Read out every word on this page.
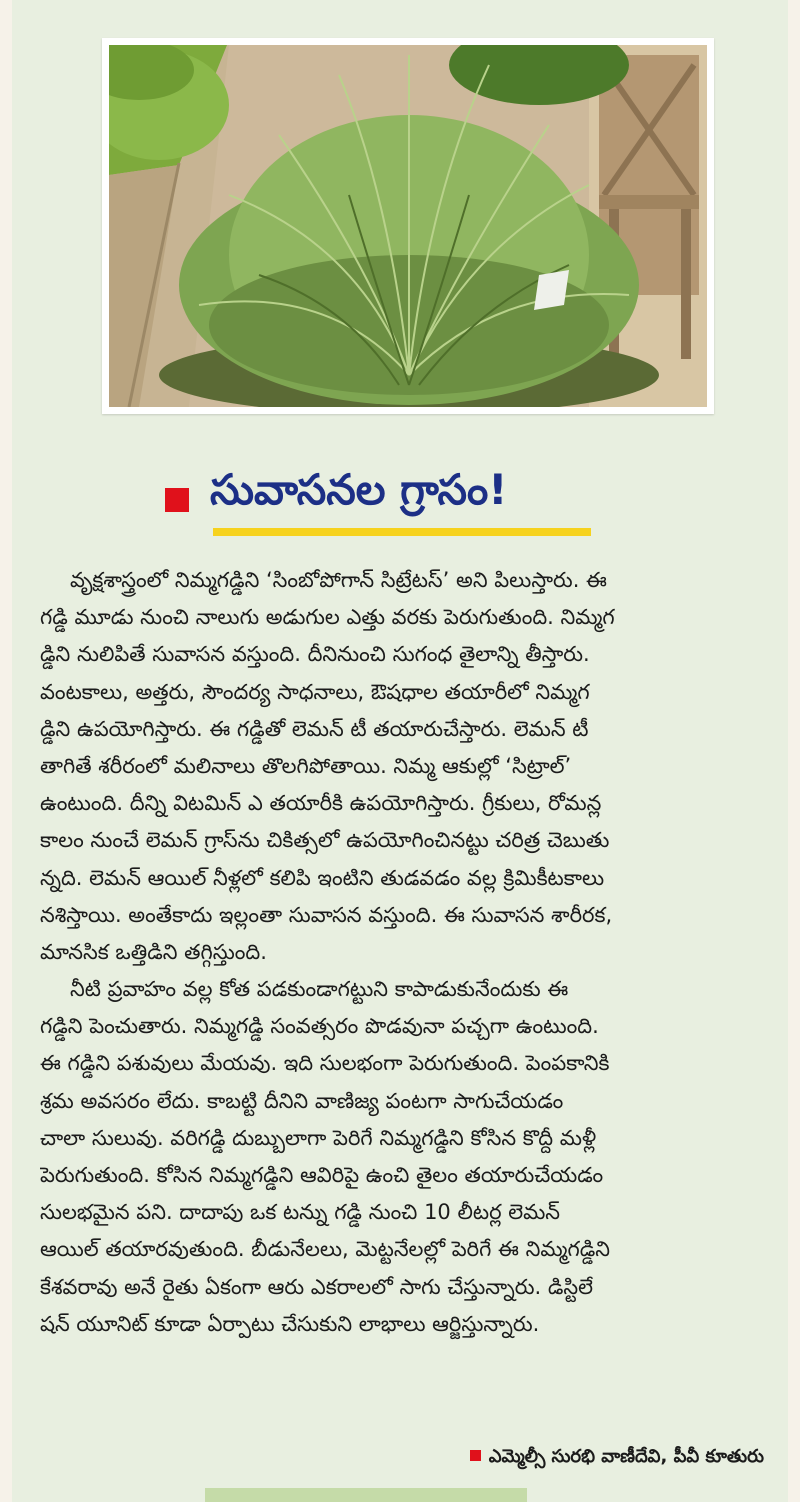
సువాసనల గ్రాసం!
వృక్షశాస్త్రంలో నిమ్మగడ్డిని ‘సింబోపోగాన్ సిట్రేటస్’ అని పిలుస్తారు. ఈ
గడ్డి మూడు నుంచి నాలుగు అడుగుల ఎత్తు వరకు పెరుగుతుంది. నిమ్మగ
డ్డిని నులిపితే సువాసన వస్తుంది. దీనినుంచి సుగంధ తైలాన్ని తీస్తారు.
వంటకాలు, అత్తరు, సౌందర్య సాధనాలు, ఔషధాల తయారీలో నిమ్మగ
డ్డిని ఉపయోగిస్తారు. ఈ గడ్డితో లెమన్ టీ తయారుచేస్తారు. లెమన్ టీ
తాగితే శరీరంలో మలినాలు తొలగిపోతాయి. నిమ్మ ఆకుల్లో ‘సిట్రాల్’
ఉంటుంది. దీన్ని విటమిన్ ఎ తయారీకి ఉపయోగిస్తారు. గ్రీకులు, రోమన్ల
కాలం నుంచే లెమన్ గ్రాస్‌ను చికిత్సలో ఉపయోగించినట్టు చరిత్ర చెబుతు
న్నది. లెమన్ ఆయిల్ నీళ్లలో కలిపి ఇంటిని తుడవడం వల్ల క్రిమికీటకాలు
నశిస్తాయి. అంతేకాదు ఇల్లంతా సువాసన వస్తుంది. ఈ సువాసన శారీరక,
మానసిక ఒత్తిడిని తగ్గిస్తుంది.
నీటి ప్రవాహం వల్ల కోత పడకుండాగట్టుని కాపాడుకునేందుకు ఈ
గడ్డిని పెంచుతారు. నిమ్మగడ్డి సంవత్సరం పొడవునా పచ్చగా ఉంటుంది.
ఈ గడ్డిని పశువులు మేయవు. ఇది సులభంగా పెరుగుతుంది. పెంపకానికి
శ్రమ అవసరం లేదు. కాబట్టి దీనిని వాణిజ్య పంటగా సాగుచేయడం
చాలా సులువు. వరిగడ్డి దుబ్బులాగా పెరిగే నిమ్మగడ్డిని కోసిన కొద్దీ మళ్లీ
పెరుగుతుంది. కోసిన నిమ్మగడ్డిని ఆవిరిపై ఉంచి తైలం తయారుచేయడం
సులభమైన పని. దాదాపు ఒక టన్ను గడ్డి నుంచి 10 లీటర్ల లెమన్
ఆయిల్ తయారవుతుంది. బీడునేలలు, మెట్టనేలల్లో పెరిగే ఈ నిమ్మగడ్డిని
కేశవరావు అనే రైతు ఏకంగా ఆరు ఎకరాలలో సాగు చేస్తున్నారు. డిస్టిలే
షన్ యూనిట్ కూడా ఏర్పాటు చేసుకుని లాభాలు ఆర్జిస్తున్నారు.
ఎమ్మెల్సీ సురభి వాణీదేవి, పీవీ కూతురు
